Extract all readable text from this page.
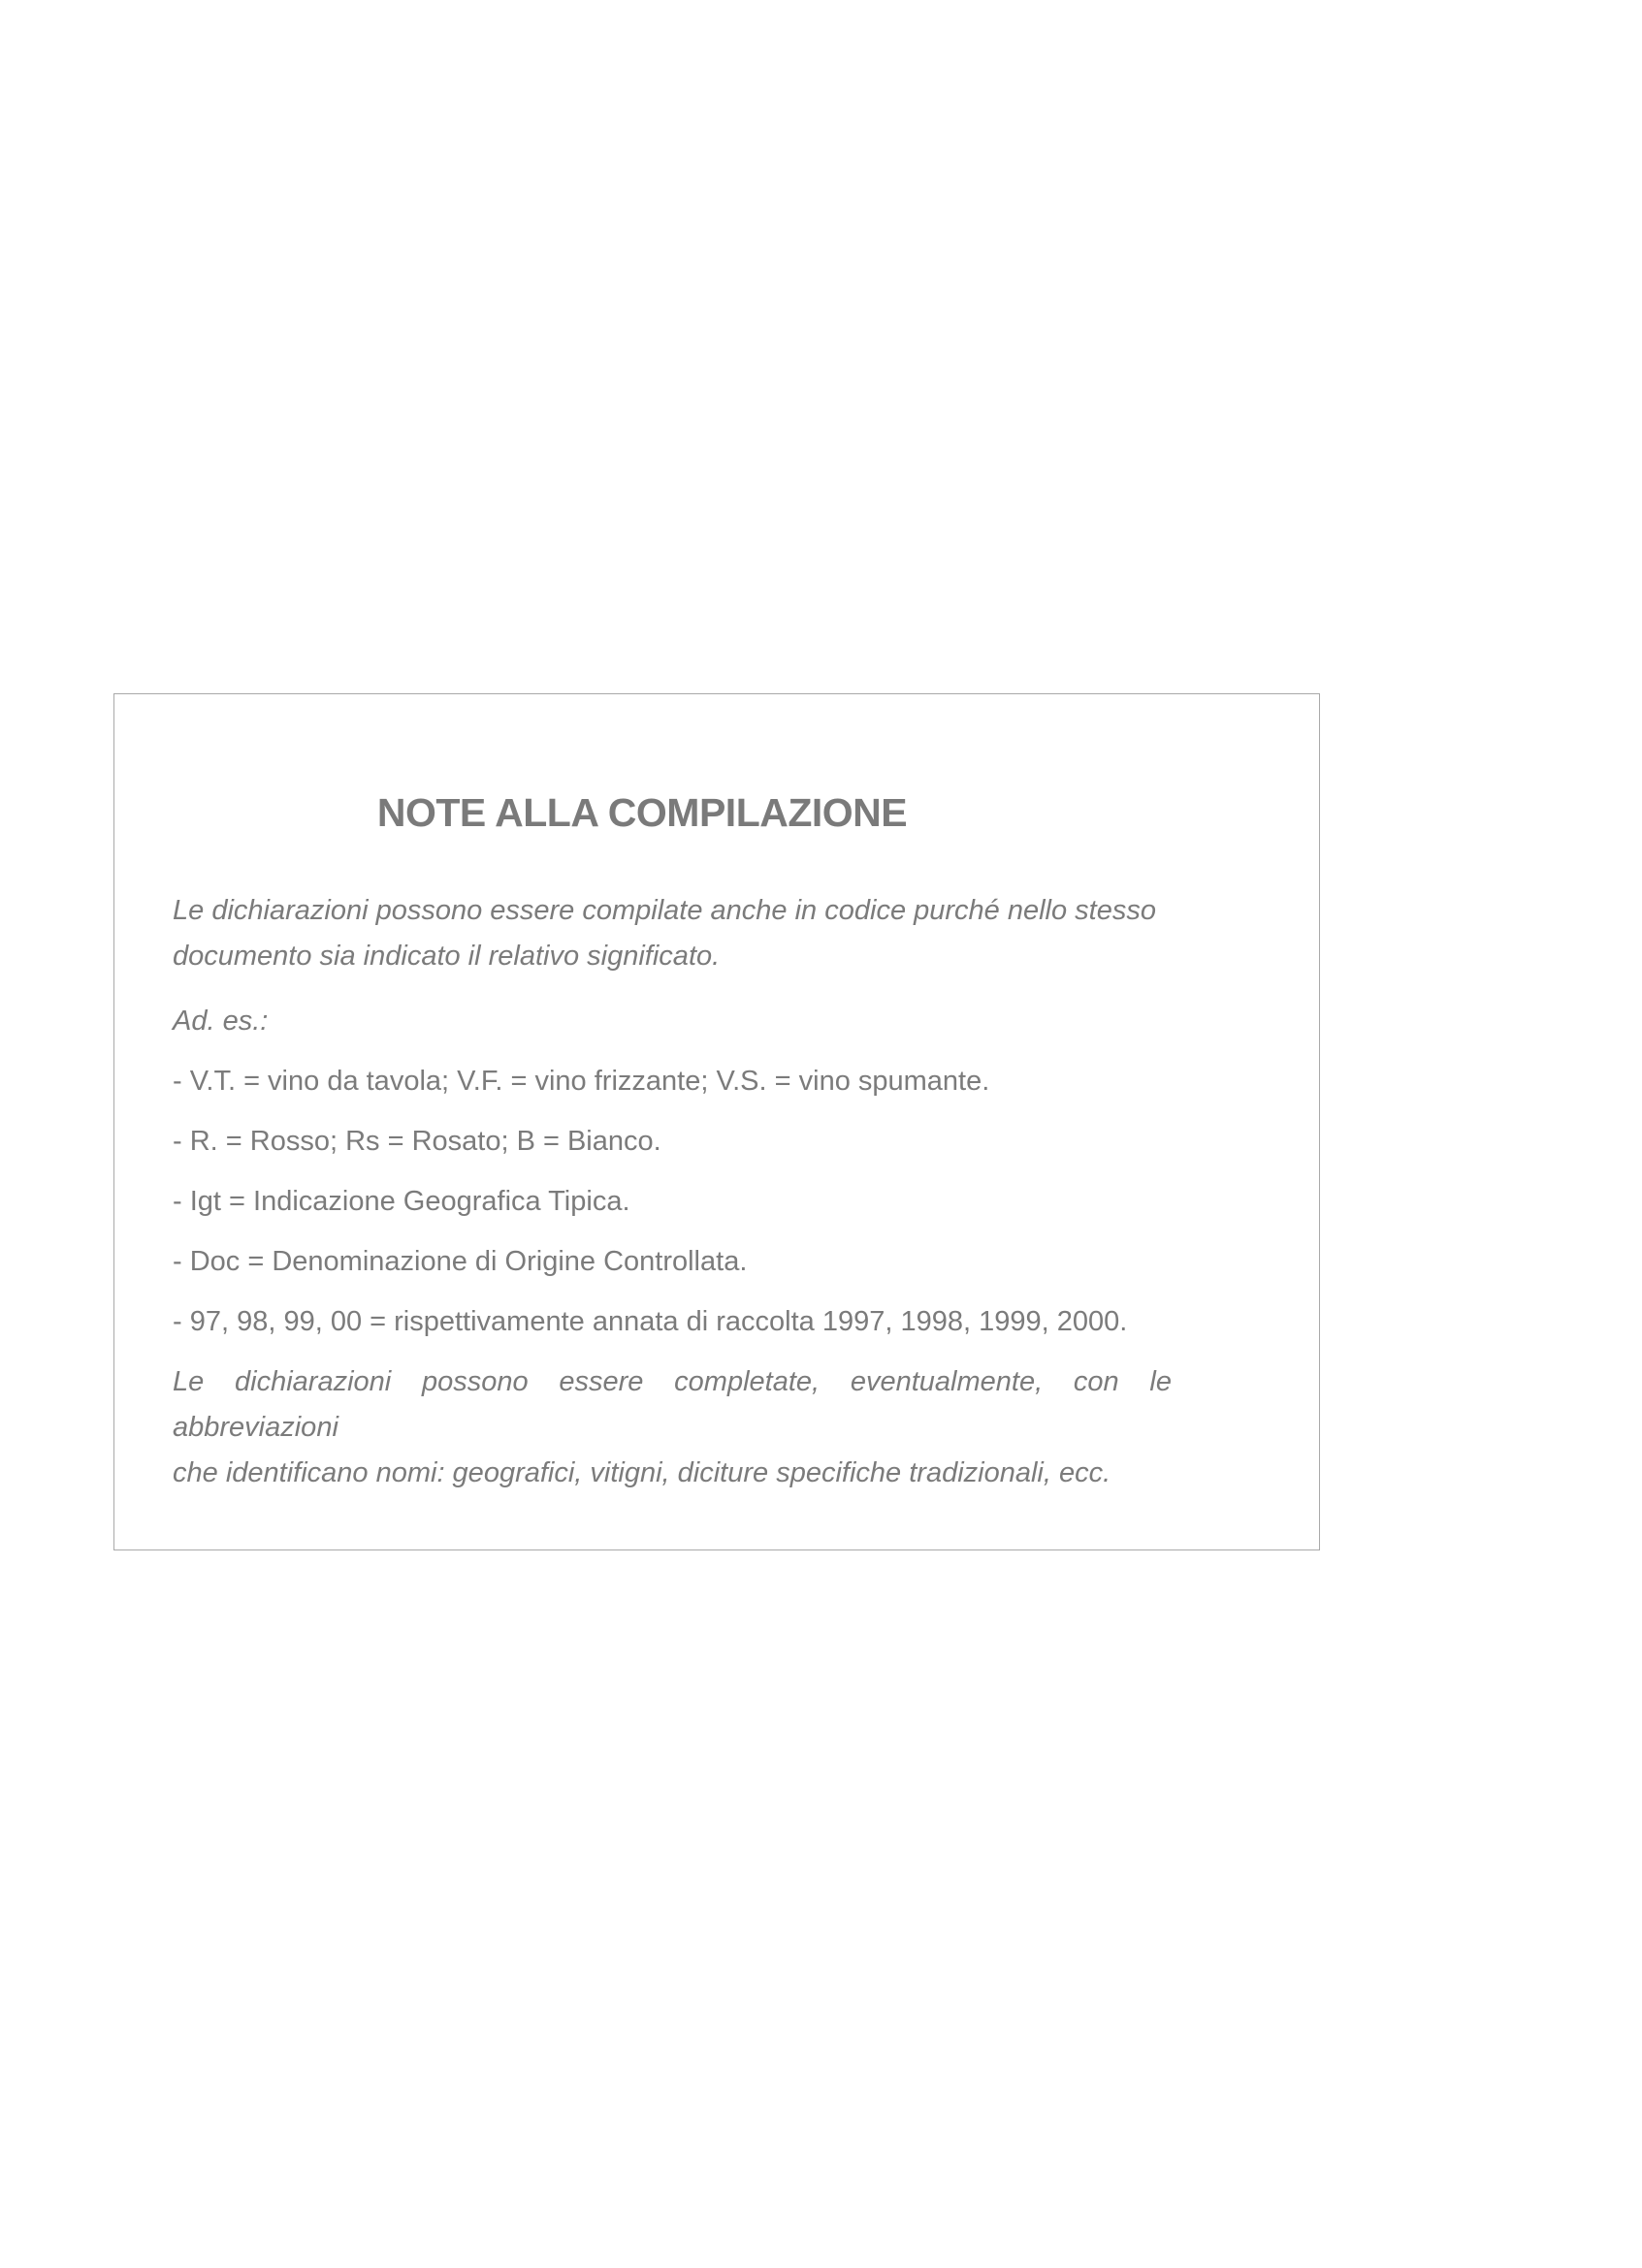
NOTE ALLA COMPILAZIONE

Le dichiarazioni possono essere compilate anche in codice purché nello stesso
documento sia indicato il relativo significato.

Ad. es.:

- V.T. = vino da tavola; V.F. = vino frizzante; V.S. = vino spumante.

- R. = Rosso; Rs = Rosato; B = Bianco.

- Igt = Indicazione Geografica Tipica.

- Doc = Denominazione di Origine Controllata.

- 97, 98, 99, 00 = rispettivamente annata di raccolta 1997, 1998, 1999, 2000.

Le dichiarazioni possono essere completate, eventualmente, con le abbreviazioni
che identificano nomi: geografici, vitigni, diciture specifiche tradizionali, ecc.
